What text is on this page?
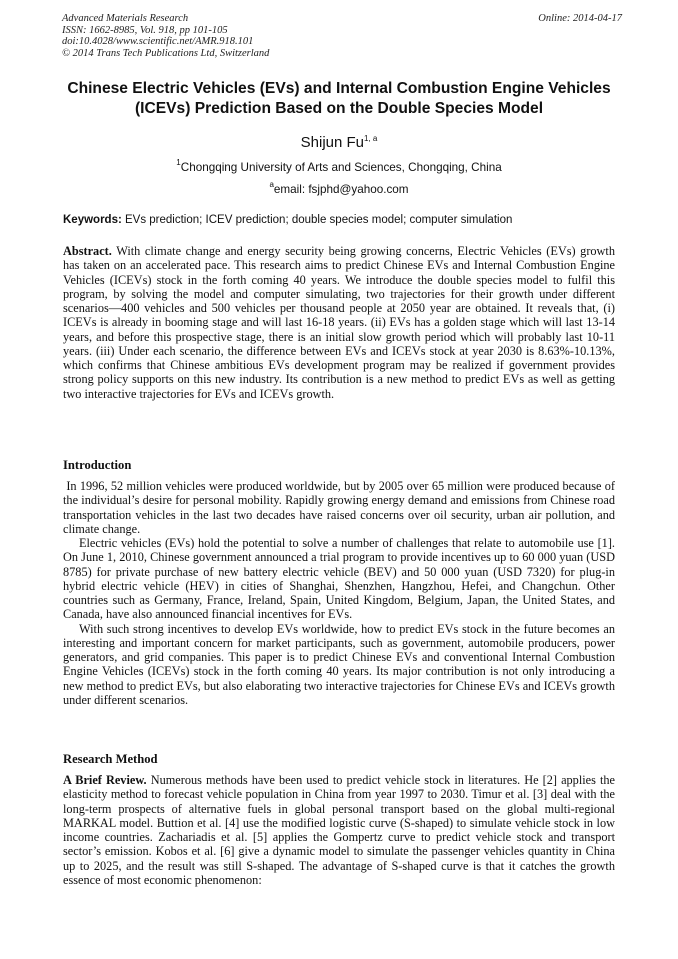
Advanced Materials Research
ISSN: 1662-8985, Vol. 918, pp 101-105
doi:10.4028/www.scientific.net/AMR.918.101
© 2014 Trans Tech Publications Ltd, Switzerland
Online: 2014-04-17
Chinese Electric Vehicles (EVs) and Internal Combustion Engine Vehicles (ICEVs) Prediction Based on the Double Species Model
Shijun Fu$^{1, a}$
$^1$Chongqing University of Arts and Sciences, Chongqing, China
$^a$email: fsjphd@yahoo.com
Keywords: EVs prediction; ICEV prediction; double species model; computer simulation

Abstract. With climate change and energy security being growing concerns, Electric Vehicles (EVs) growth has taken on an accelerated pace. This research aims to predict Chinese EVs and Internal Combustion Engine Vehicles (ICEVs) stock in the forth coming 40 years. We introduce the double species model to fulfil this program, by solving the model and computer simulating, two trajectories for their growth under different scenarios—400 vehicles and 500 vehicles per thousand people at 2050 year are obtained. It reveals that, (i) ICEVs is already in booming stage and will last 16-18 years. (ii) EVs has a golden stage which will last 13-14 years, and before this prospective stage, there is an initial slow growth period which will probably last 10-11 years. (iii) Under each scenario, the difference between EVs and ICEVs stock at year 2030 is 8.63%-10.13%, which confirms that Chinese ambitious EVs development program may be realized if government provides strong policy supports on this new industry. Its contribution is a new method to predict EVs as well as getting two interactive trajectories for EVs and ICEVs growth.

Introduction

In 1996, 52 million vehicles were produced worldwide, but by 2005 over 65 million were produced because of the individual’s desire for personal mobility. Rapidly growing energy demand and emissions from Chinese road transportation vehicles in the last two decades have raised concerns over oil security, urban air pollution, and climate change.

Electric vehicles (EVs) hold the potential to solve a number of challenges that relate to automobile use [1]. On June 1, 2010, Chinese government announced a trial program to provide incentives up to 60 000 yuan (USD 8785) for private purchase of new battery electric vehicle (BEV) and 50 000 yuan (USD 7320) for plug-in hybrid electric vehicle (HEV) in cities of Shanghai, Shenzhen, Hangzhou, Hefei, and Changchun. Other countries such as Germany, France, Ireland, Spain, United Kingdom, Belgium, Japan, the United States, and Canada, have also announced financial incentives for EVs.

With such strong incentives to develop EVs worldwide, how to predict EVs stock in the future becomes an interesting and important concern for market participants, such as government, automobile producers, power generators, and grid companies. This paper is to predict Chinese EVs and conventional Internal Combustion Engine Vehicles (ICEVs) stock in the forth coming 40 years. Its major contribution is not only introducing a new method to predict EVs, but also elaborating two interactive trajectories for Chinese EVs and ICEVs growth under different scenarios.

Research Method

A Brief Review. Numerous methods have been used to predict vehicle stock in literatures. He [2] applies the elasticity method to forecast vehicle population in China from year 1997 to 2030. Timur et al. [3] deal with the long-term prospects of alternative fuels in global personal transport based on the global multi-regional MARKAL model. Buttion et al. [4] use the modified logistic curve (S-shaped) to simulate vehicle stock in low income countries. Zachariadis et al. [5] applies the Gompertz curve to predict vehicle stock and transport sector’s emission. Kobos et al. [6] give a dynamic model to simulate the passenger vehicles quantity in China up to 2025, and the result was still S-shaped. The advantage of S-shaped curve is that it catches the growth essence of most economic phenomenon:
